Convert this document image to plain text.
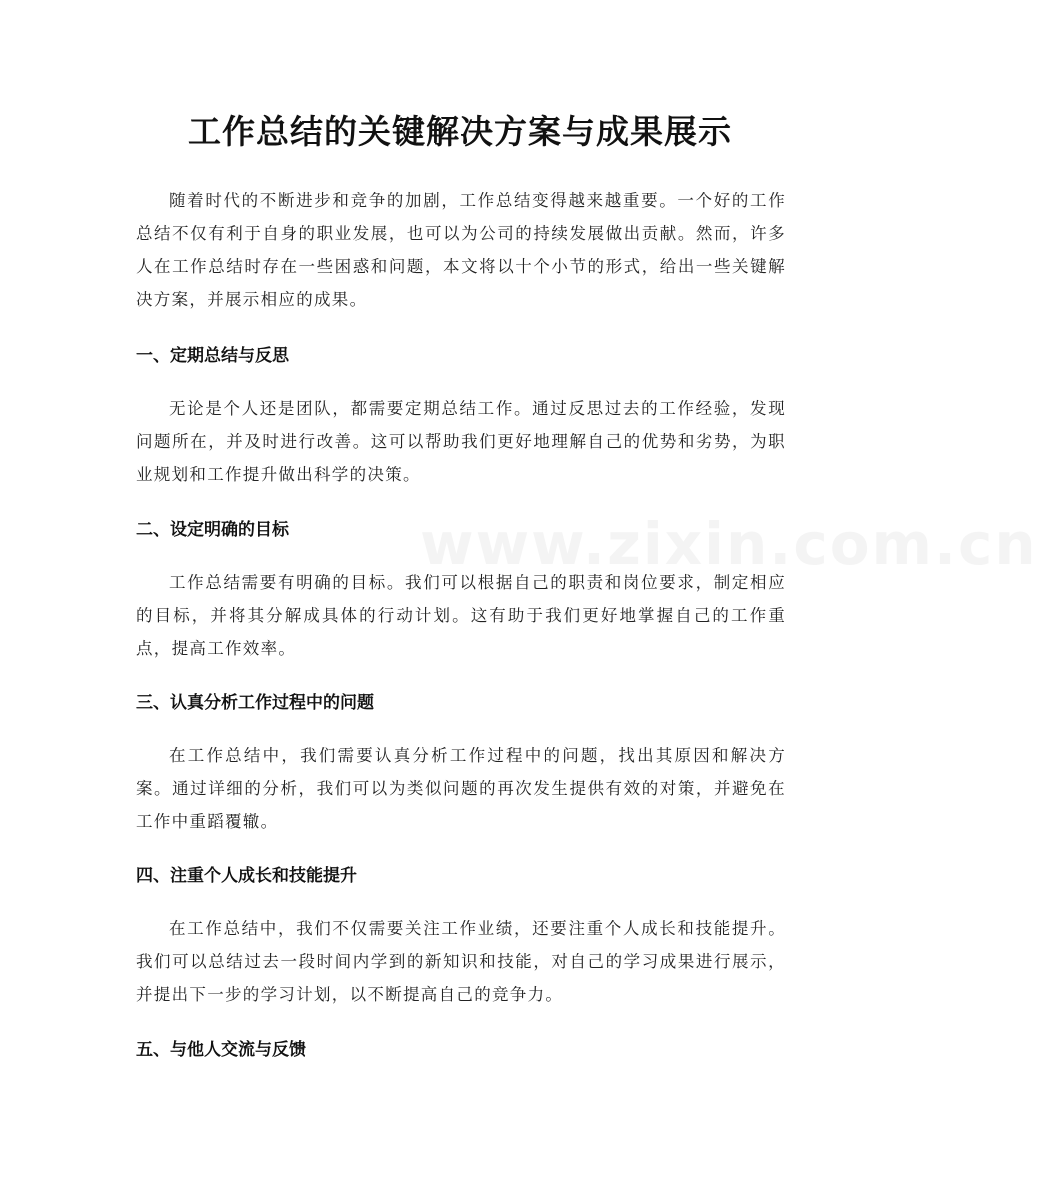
www.zixin.com.cn
工作总结的关键解决方案与成果展示

随着时代的不断进步和竞争的加剧，工作总结变得越来越重要。一个好的工作总结不仅有利于自身的职业发展，也可以为公司的持续发展做出贡献。然而，许多人在工作总结时存在一些困惑和问题，本文将以十个小节的形式，给出一些关键解决方案，并展示相应的成果。

一、定期总结与反思

无论是个人还是团队，都需要定期总结工作。通过反思过去的工作经验，发现问题所在，并及时进行改善。这可以帮助我们更好地理解自己的优势和劣势，为职业规划和工作提升做出科学的决策。

二、设定明确的目标

工作总结需要有明确的目标。我们可以根据自己的职责和岗位要求，制定相应的目标，并将其分解成具体的行动计划。这有助于我们更好地掌握自己的工作重点，提高工作效率。

三、认真分析工作过程中的问题

在工作总结中，我们需要认真分析工作过程中的问题，找出其原因和解决方案。通过详细的分析，我们可以为类似问题的再次发生提供有效的对策，并避免在工作中重蹈覆辙。

四、注重个人成长和技能提升

在工作总结中，我们不仅需要关注工作业绩，还要注重个人成长和技能提升。我们可以总结过去一段时间内学到的新知识和技能，对自己的学习成果进行展示，并提出下一步的学习计划，以不断提高自己的竞争力。

五、与他人交流与反馈
